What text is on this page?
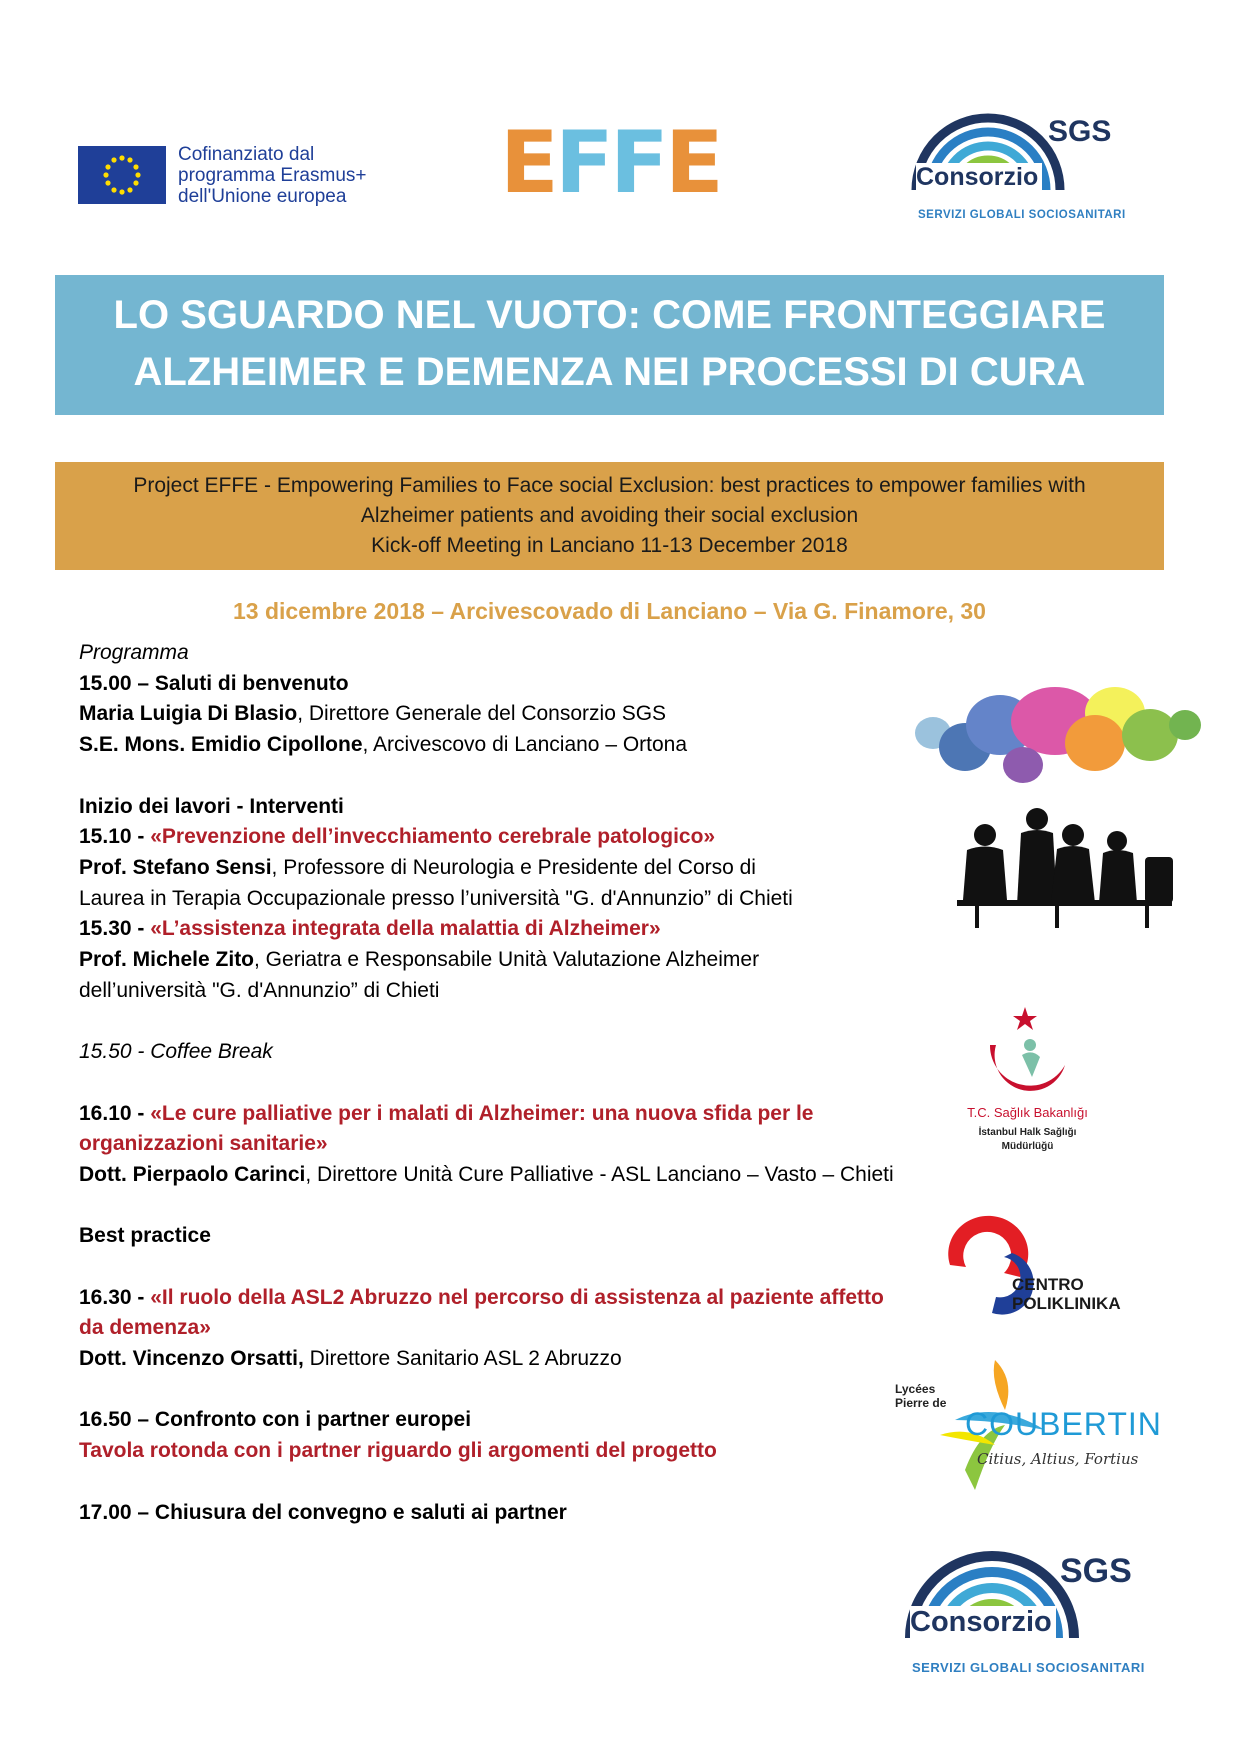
Cofinanziato dal
programma Erasmus+
dell'Unione europea EFFE	SGS
Consorzio
SERVIZI GLOBALI SOCIOSANITARI
LO SGUARDO NEL VUOTO: COME FRONTEGGIARE
ALZHEIMER E DEMENZA NEI PROCESSI DI CURA
Project EFFE - Empowering Families to Face social Exclusion: best practices to empower families with
Alzheimer patients and avoiding their social exclusion
Kick-off Meeting in Lanciano 11-13 December 2018
13 dicembre 2018 – Arcivescovado di Lanciano – Via G. Finamore, 30
Programma
15.00 – Saluti di benvenuto
Maria Luigia Di Blasio, Direttore Generale del Consorzio SGS
S.E. Mons. Emidio Cipollone, Arcivescovo di Lanciano – Ortona
Inizio dei lavori - Interventi
15.10 - «Prevenzione dell’invecchiamento cerebrale patologico»
Prof. Stefano Sensi, Professore di Neurologia e Presidente del Corso di Laurea in Terapia Occupazionale presso l’università "G. d'Annunzio” di Chieti
15.30 - «L’assistenza integrata della malattia di Alzheimer»
Prof. Michele Zito, Geriatra e Responsabile Unità Valutazione Alzheimer dell’università "G. d'Annunzio” di Chieti
15.50 - Coffee Break
16.10 - «Le cure palliative per i malati di Alzheimer: una nuova sfida per le organizzazioni sanitarie»
Dott. Pierpaolo Carinci, Direttore Unità Cure Palliative - ASL Lanciano – Vasto – Chieti
Best practice
16.30 - «Il ruolo della ASL2 Abruzzo nel percorso di assistenza al paziente affetto da demenza»
Dott. Vincenzo Orsatti, Direttore Sanitario ASL 2 Abruzzo
16.50 – Confronto con i partner europei
Tavola rotonda con i partner riguardo gli argomenti del progetto
17.00 – Chiusura del convegno e saluti ai partner
T.C. Sağlık Bakanlığı
İstanbul Halk Sağlığı
Müdürlüğü
CENTRO
POLIKLINIKA
Lycées
Pierre de
COUBERTIN
Citius, Altius, Fortius
SGS
Consorzio
SERVIZI GLOBALI SOCIOSANITARI
